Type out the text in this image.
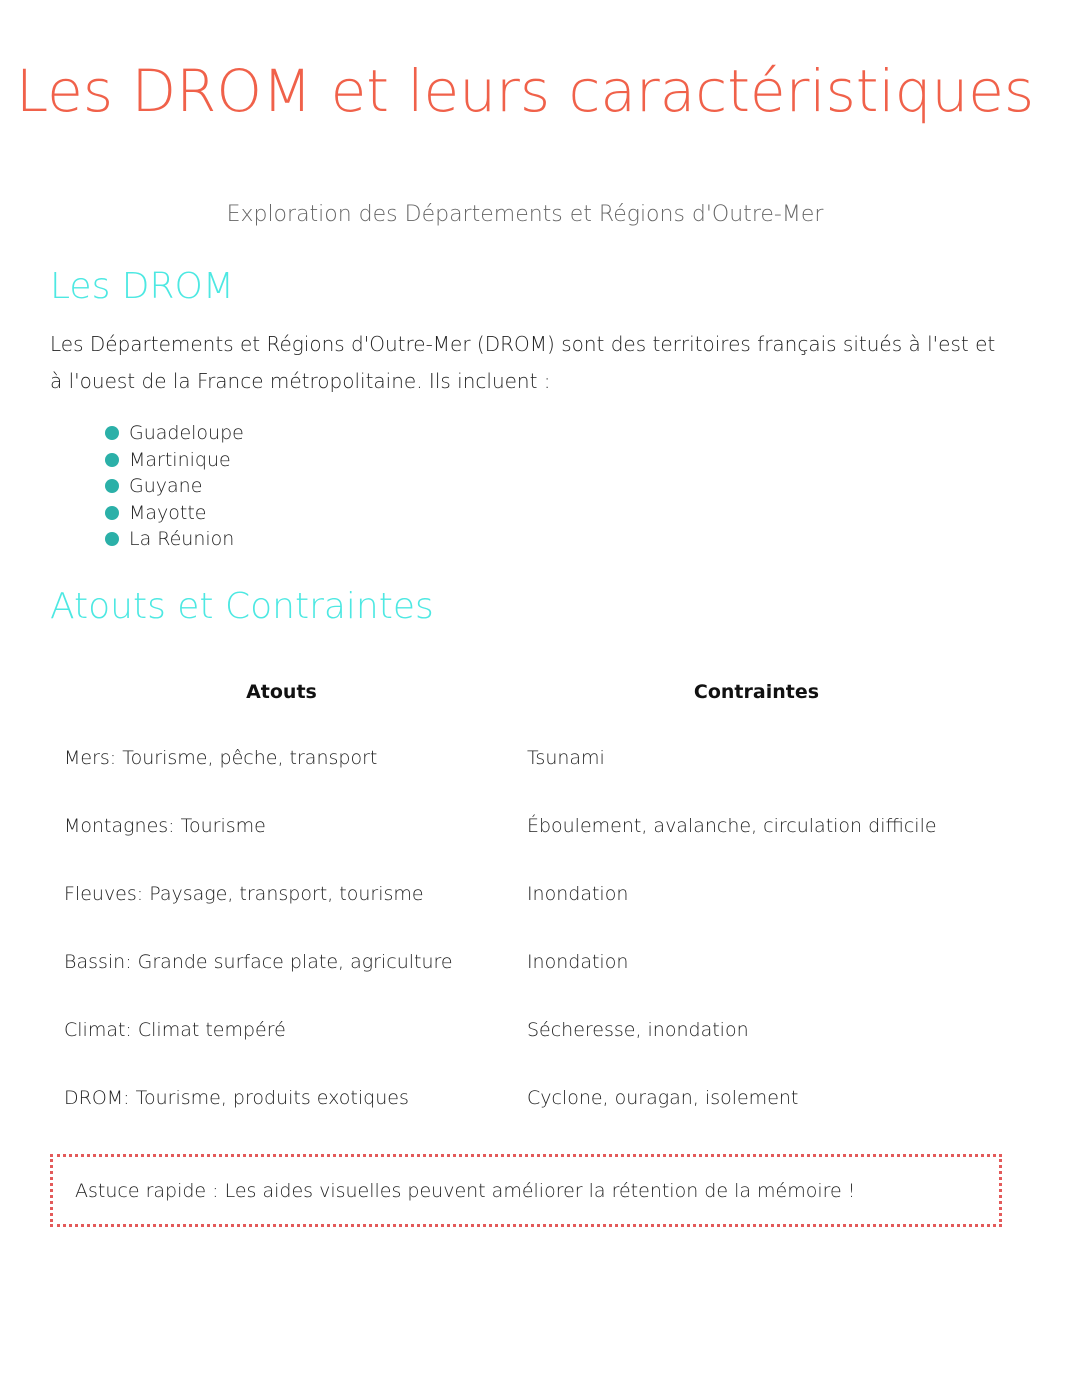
Les DROM et leurs caractéristiques
Exploration des Départements et Régions d'Outre-Mer
Les DROM
Les Départements et Régions d'Outre-Mer (DROM) sont des territoires français situés à l'est et à l'ouest de la France métropolitaine. Ils incluent :
Guadeloupe
Martinique
Guyane
Mayotte
La Réunion
Atouts et Contraintes
Atouts	Contraintes
Mers: Tourisme, pêche, transport	Tsunami
Montagnes: Tourisme	Éboulement, avalanche, circulation difficile
Fleuves: Paysage, transport, tourisme	Inondation
Bassin: Grande surface plate, agriculture	Inondation
Climat: Climat tempéré	Sécheresse, inondation
DROM: Tourisme, produits exotiques	Cyclone, ouragan, isolement
Astuce rapide : Les aides visuelles peuvent améliorer la rétention de la mémoire !
